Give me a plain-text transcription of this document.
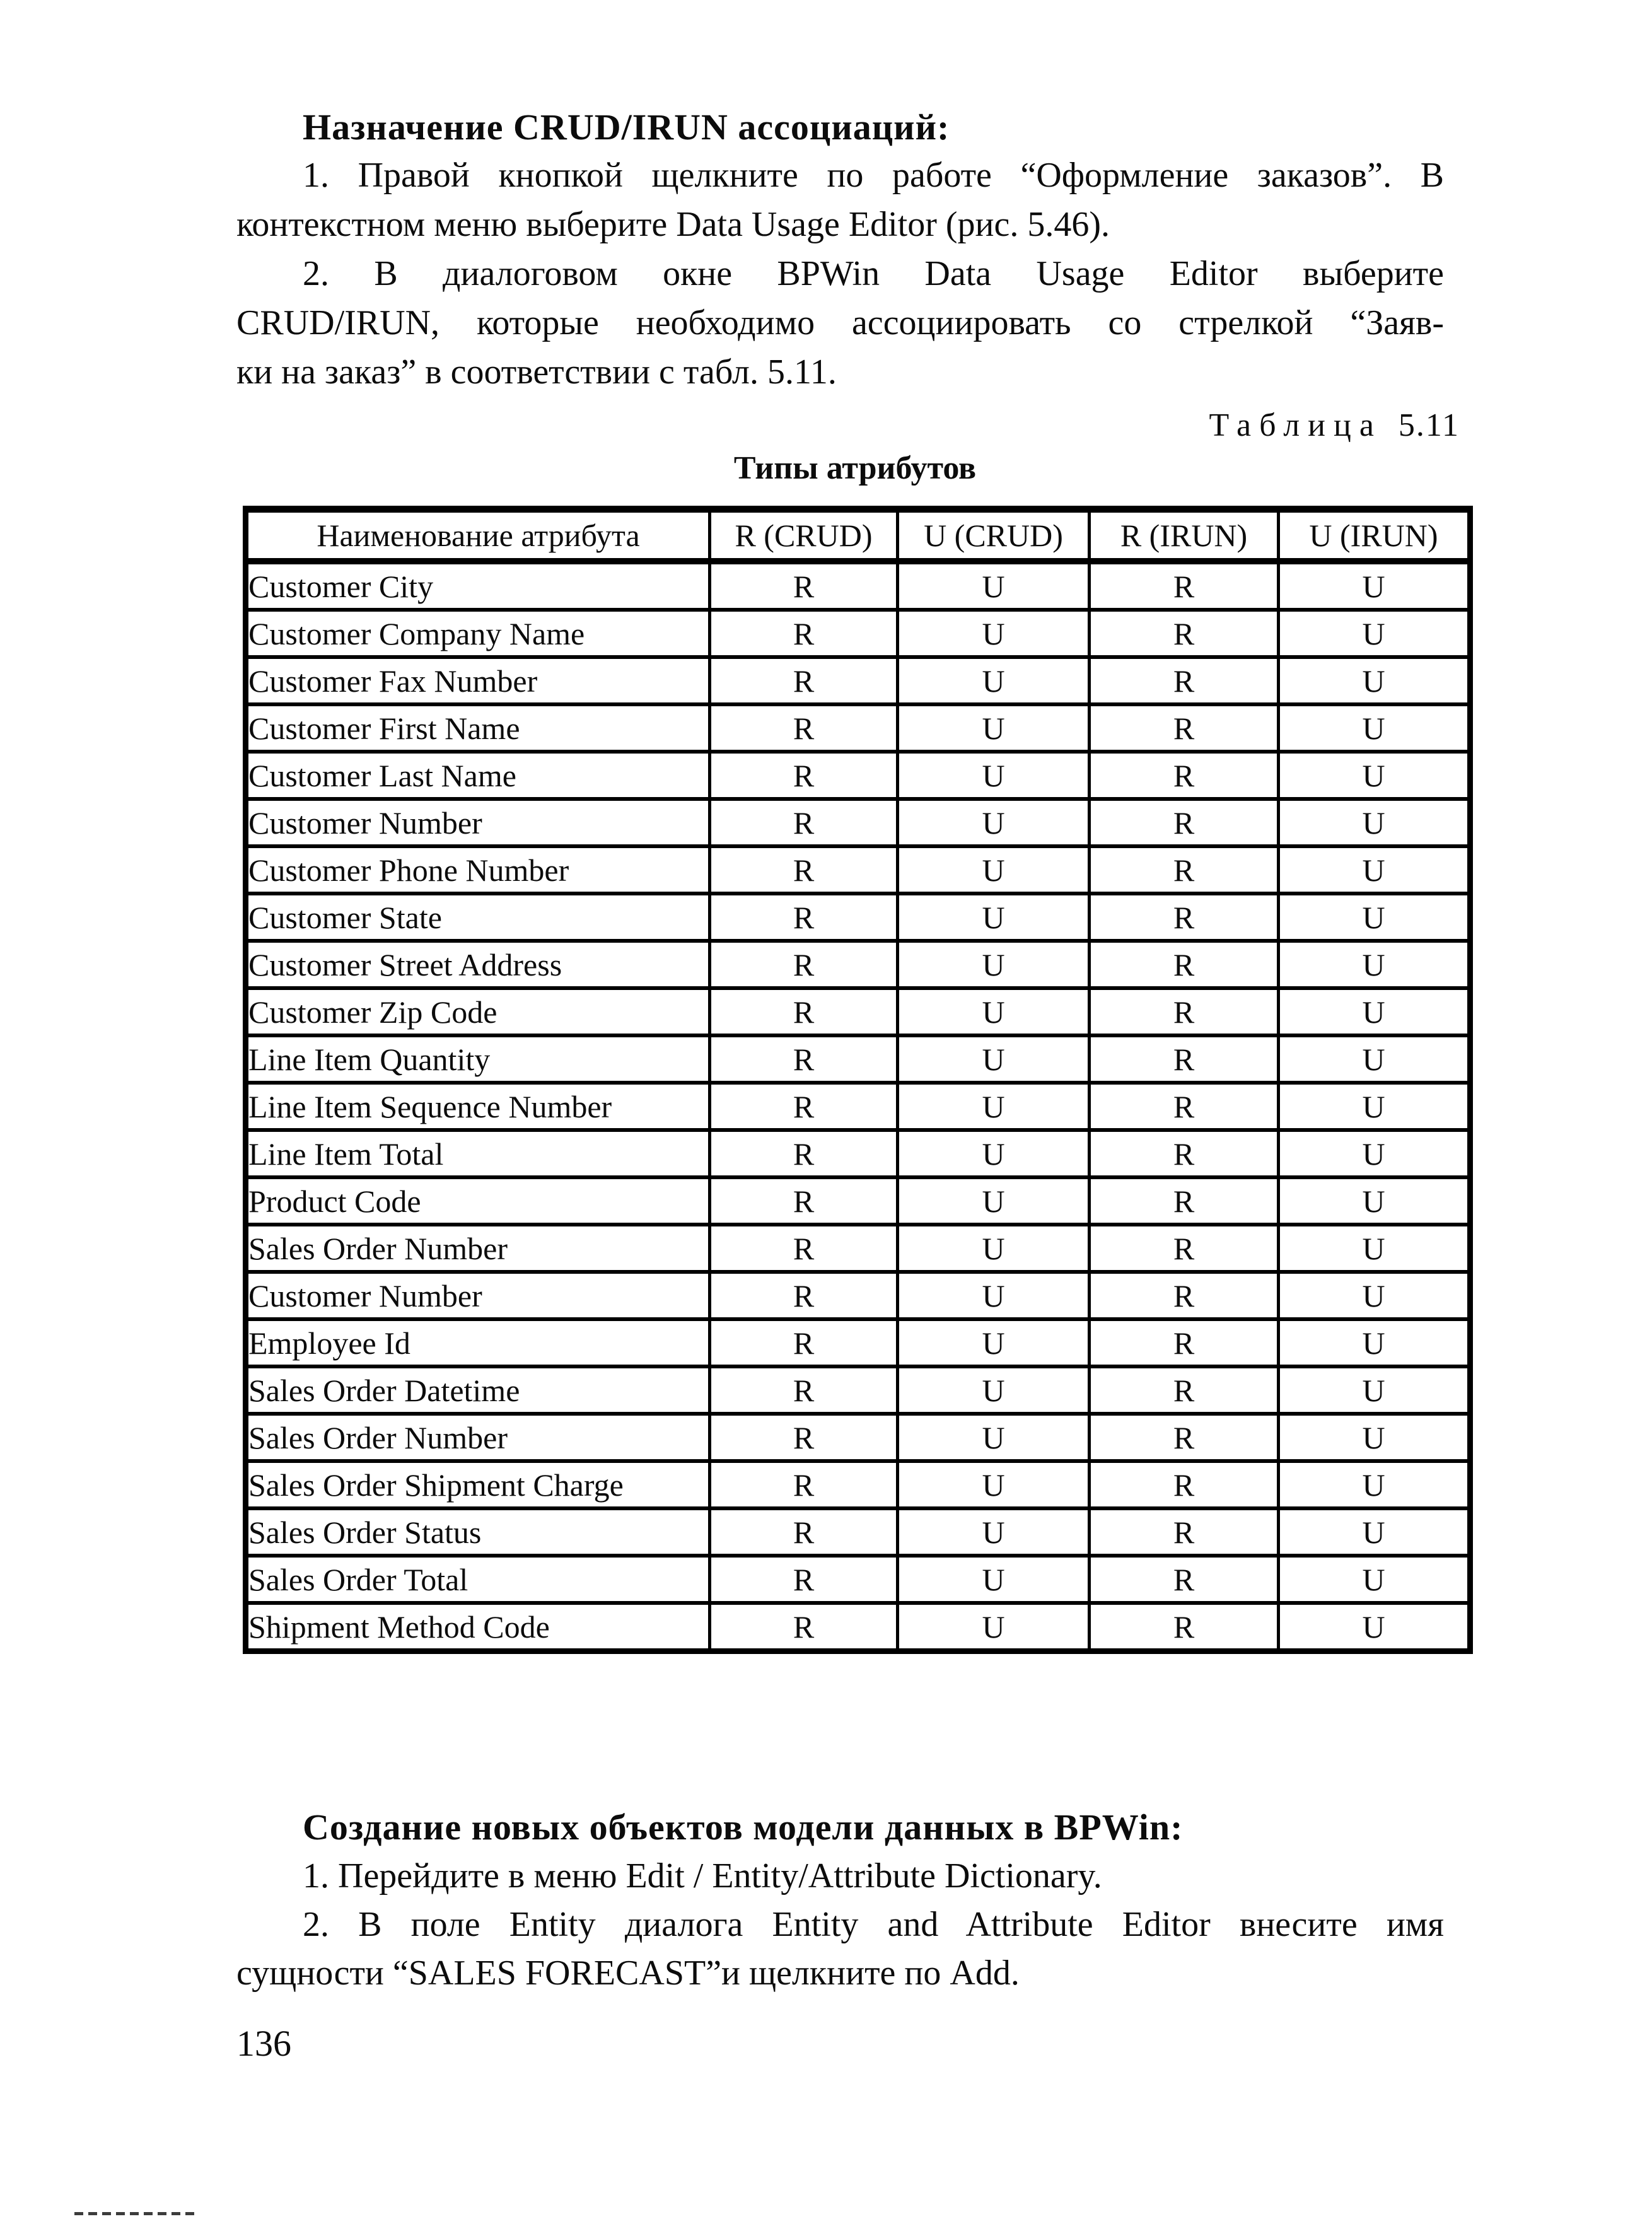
Назначение CRUD/IRUN ассоциаций:
1. Правой кнопкой щелкните по работе “Оформление заказов”. В
контекстном меню выберите Data Usage Editor (рис. 5.46).
2. В диалоговом окне BPWin Data Usage Editor выберите
CRUD/IRUN, которые необходимо ассоциировать со стрелкой “Заяв-
ки на заказ” в соответствии с табл. 5.11.
Таблица 5.11
Типы атрибутов
Наименование атрибута	R (CRUD)	U (CRUD)	R (IRUN)	U (IRUN)
Customer City	R	U	R	U
Customer Company Name	R	U	R	U
Customer Fax Number	R	U	R	U
Customer First Name	R	U	R	U
Customer Last Name	R	U	R	U
Customer Number	R	U	R	U
Customer Phone Number	R	U	R	U
Customer State	R	U	R	U
Customer Street Address	R	U	R	U
Customer Zip Code	R	U	R	U
Line Item Quantity	R	U	R	U
Line Item Sequence Number	R	U	R	U
Line Item Total	R	U	R	U
Product Code	R	U	R	U
Sales Order Number	R	U	R	U
Customer Number	R	U	R	U
Employee Id	R	U	R	U
Sales Order Datetime	R	U	R	U
Sales Order Number	R	U	R	U
Sales Order Shipment Charge	R	U	R	U
Sales Order Status	R	U	R	U
Sales Order Total	R	U	R	U
Shipment Method Code	R	U	R	U
Создание новых объектов модели данных в BPWin:
1. Перейдите в меню Edit / Entity/Attribute Dictionary.
2. В поле Entity диалога Entity and Attribute Editor внесите имя
сущности “SALES FORECAST”и щелкните по Add.
136
